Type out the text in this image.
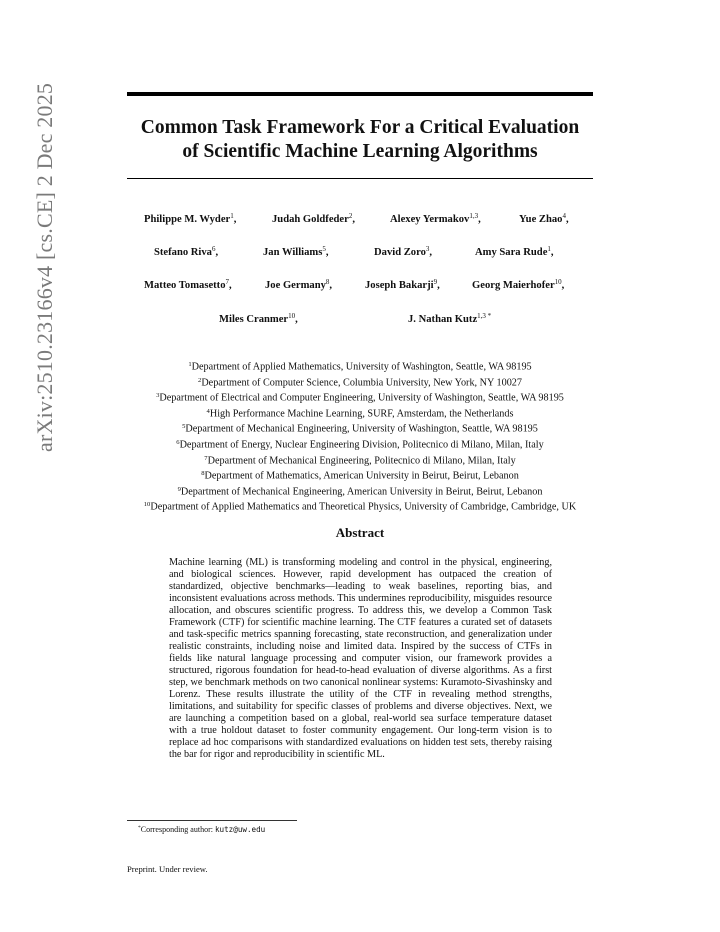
Common Task Framework For a Critical Evaluation
of Scientific Machine Learning Algorithms
arXiv:2510.23166v4 [cs.CE] 2 Dec 2025	Philippe M. Wyder$^1$,	Judah Goldfeder$^2$,	Alexey Yermakov$^{1,3}$,	Yue Zhao$^4$,
Stefano Riva$^6$,	Jan Williams$^5$,	David Zoro$^3$,	Amy Sara Rude$^1$,
Matteo Tomasetto$^7$,	Joe Germany$^8$,	Joseph Bakarji$^9$,	Georg Maierhofer$^{10}$,
Miles Cranmer$^{10}$,	J. Nathan Kutz$^{1,3 *}$
$^1$Department of Applied Mathematics, University of Washington, Seattle, WA 98195
$^2$Department of Computer Science, Columbia University, New York, NY 10027
$^3$Department of Electrical and Computer Engineering, University of Washington, Seattle, WA 98195
$^4$High Performance Machine Learning, SURF, Amsterdam, the Netherlands
$^5$Department of Mechanical Engineering, University of Washington, Seattle, WA 98195
$^6$Department of Energy, Nuclear Engineering Division, Politecnico di Milano, Milan, Italy
$^7$Department of Mechanical Engineering, Politecnico di Milano, Milan, Italy
$^8$Department of Mathematics, American University in Beirut, Beirut, Lebanon
$^9$Department of Mechanical Engineering, American University in Beirut, Beirut, Lebanon
$^{10}$Department of Applied Mathematics and Theoretical Physics, University of Cambridge, Cambridge, UK
Abstract
Machine learning (ML) is transforming modeling and control in the physical, engineering, and biological sciences. However, rapid development has outpaced the creation of standardized, objective benchmarks—leading to weak baselines, reporting bias, and inconsistent evaluations across methods. This undermines reproducibility, misguides resource allocation, and obscures scientific progress. To address this, we develop a Common Task Framework (CTF) for scientific machine learning. The CTF features a curated set of datasets and task-specific metrics spanning forecasting, state reconstruction, and generalization under realistic constraints, including noise and limited data. Inspired by the success of CTFs in fields like natural language processing and computer vision, our framework provides a structured, rigorous foundation for head-to-head evaluation of diverse algorithms. As a first step, we benchmark methods on two canonical nonlinear systems: Kuramoto-Sivashinsky and Lorenz. These results illustrate the utility of the CTF in revealing method strengths, limitations, and suitability for specific classes of problems and diverse objectives. Next, we are launching a competition based on a global, real-world sea surface temperature dataset with a true holdout dataset to foster community engagement. Our long-term vision is to replace ad hoc comparisons with standardized evaluations on hidden test sets, thereby raising the bar for rigor and reproducibility in scientific ML.
*Corresponding author: kutz@uw.edu
Preprint. Under review.
